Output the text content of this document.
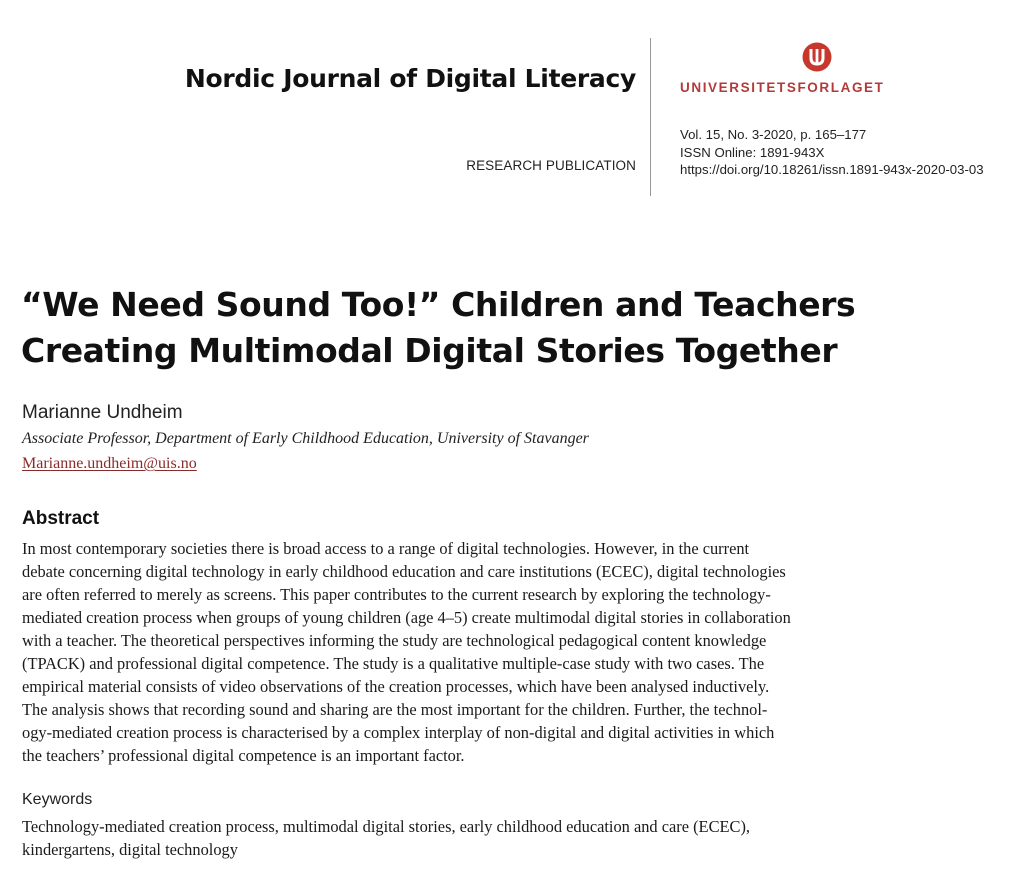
Nordic Journal of Digital Literacy
RESEARCH PUBLICATION
UNIVERSITETSFORLAGET
Vol. 15, No. 3-2020, p. 165–177
ISSN Online: 1891-943X
https://doi.org/10.18261/issn.1891-943x-2020-03-03
“We Need Sound Too!” Children and Teachers
Creating Multimodal Digital Stories Together
Marianne Undheim
Associate Professor, Department of Early Childhood Education, University of Stavanger
Marianne.undheim@uis.no
Abstract
In most contemporary societies there is broad access to a range of digital technologies. However, in the current
debate concerning digital technology in early childhood education and care institutions (ECEC), digital technologies
are often referred to merely as screens. This paper contributes to the current research by exploring the technology-
mediated creation process when groups of young children (age 4–5) create multimodal digital stories in collaboration
with a teacher. The theoretical perspectives informing the study are technological pedagogical content knowledge
(TPACK) and professional digital competence. The study is a qualitative multiple-case study with two cases. The
empirical material consists of video observations of the creation processes, which have been analysed inductively.
The analysis shows that recording sound and sharing are the most important for the children. Further, the technol-
ogy-mediated creation process is characterised by a complex interplay of non-digital and digital activities in which
the teachers’ professional digital competence is an important factor.
Keywords
Technology-mediated creation process, multimodal digital stories, early childhood education and care (ECEC),
kindergartens, digital technology
